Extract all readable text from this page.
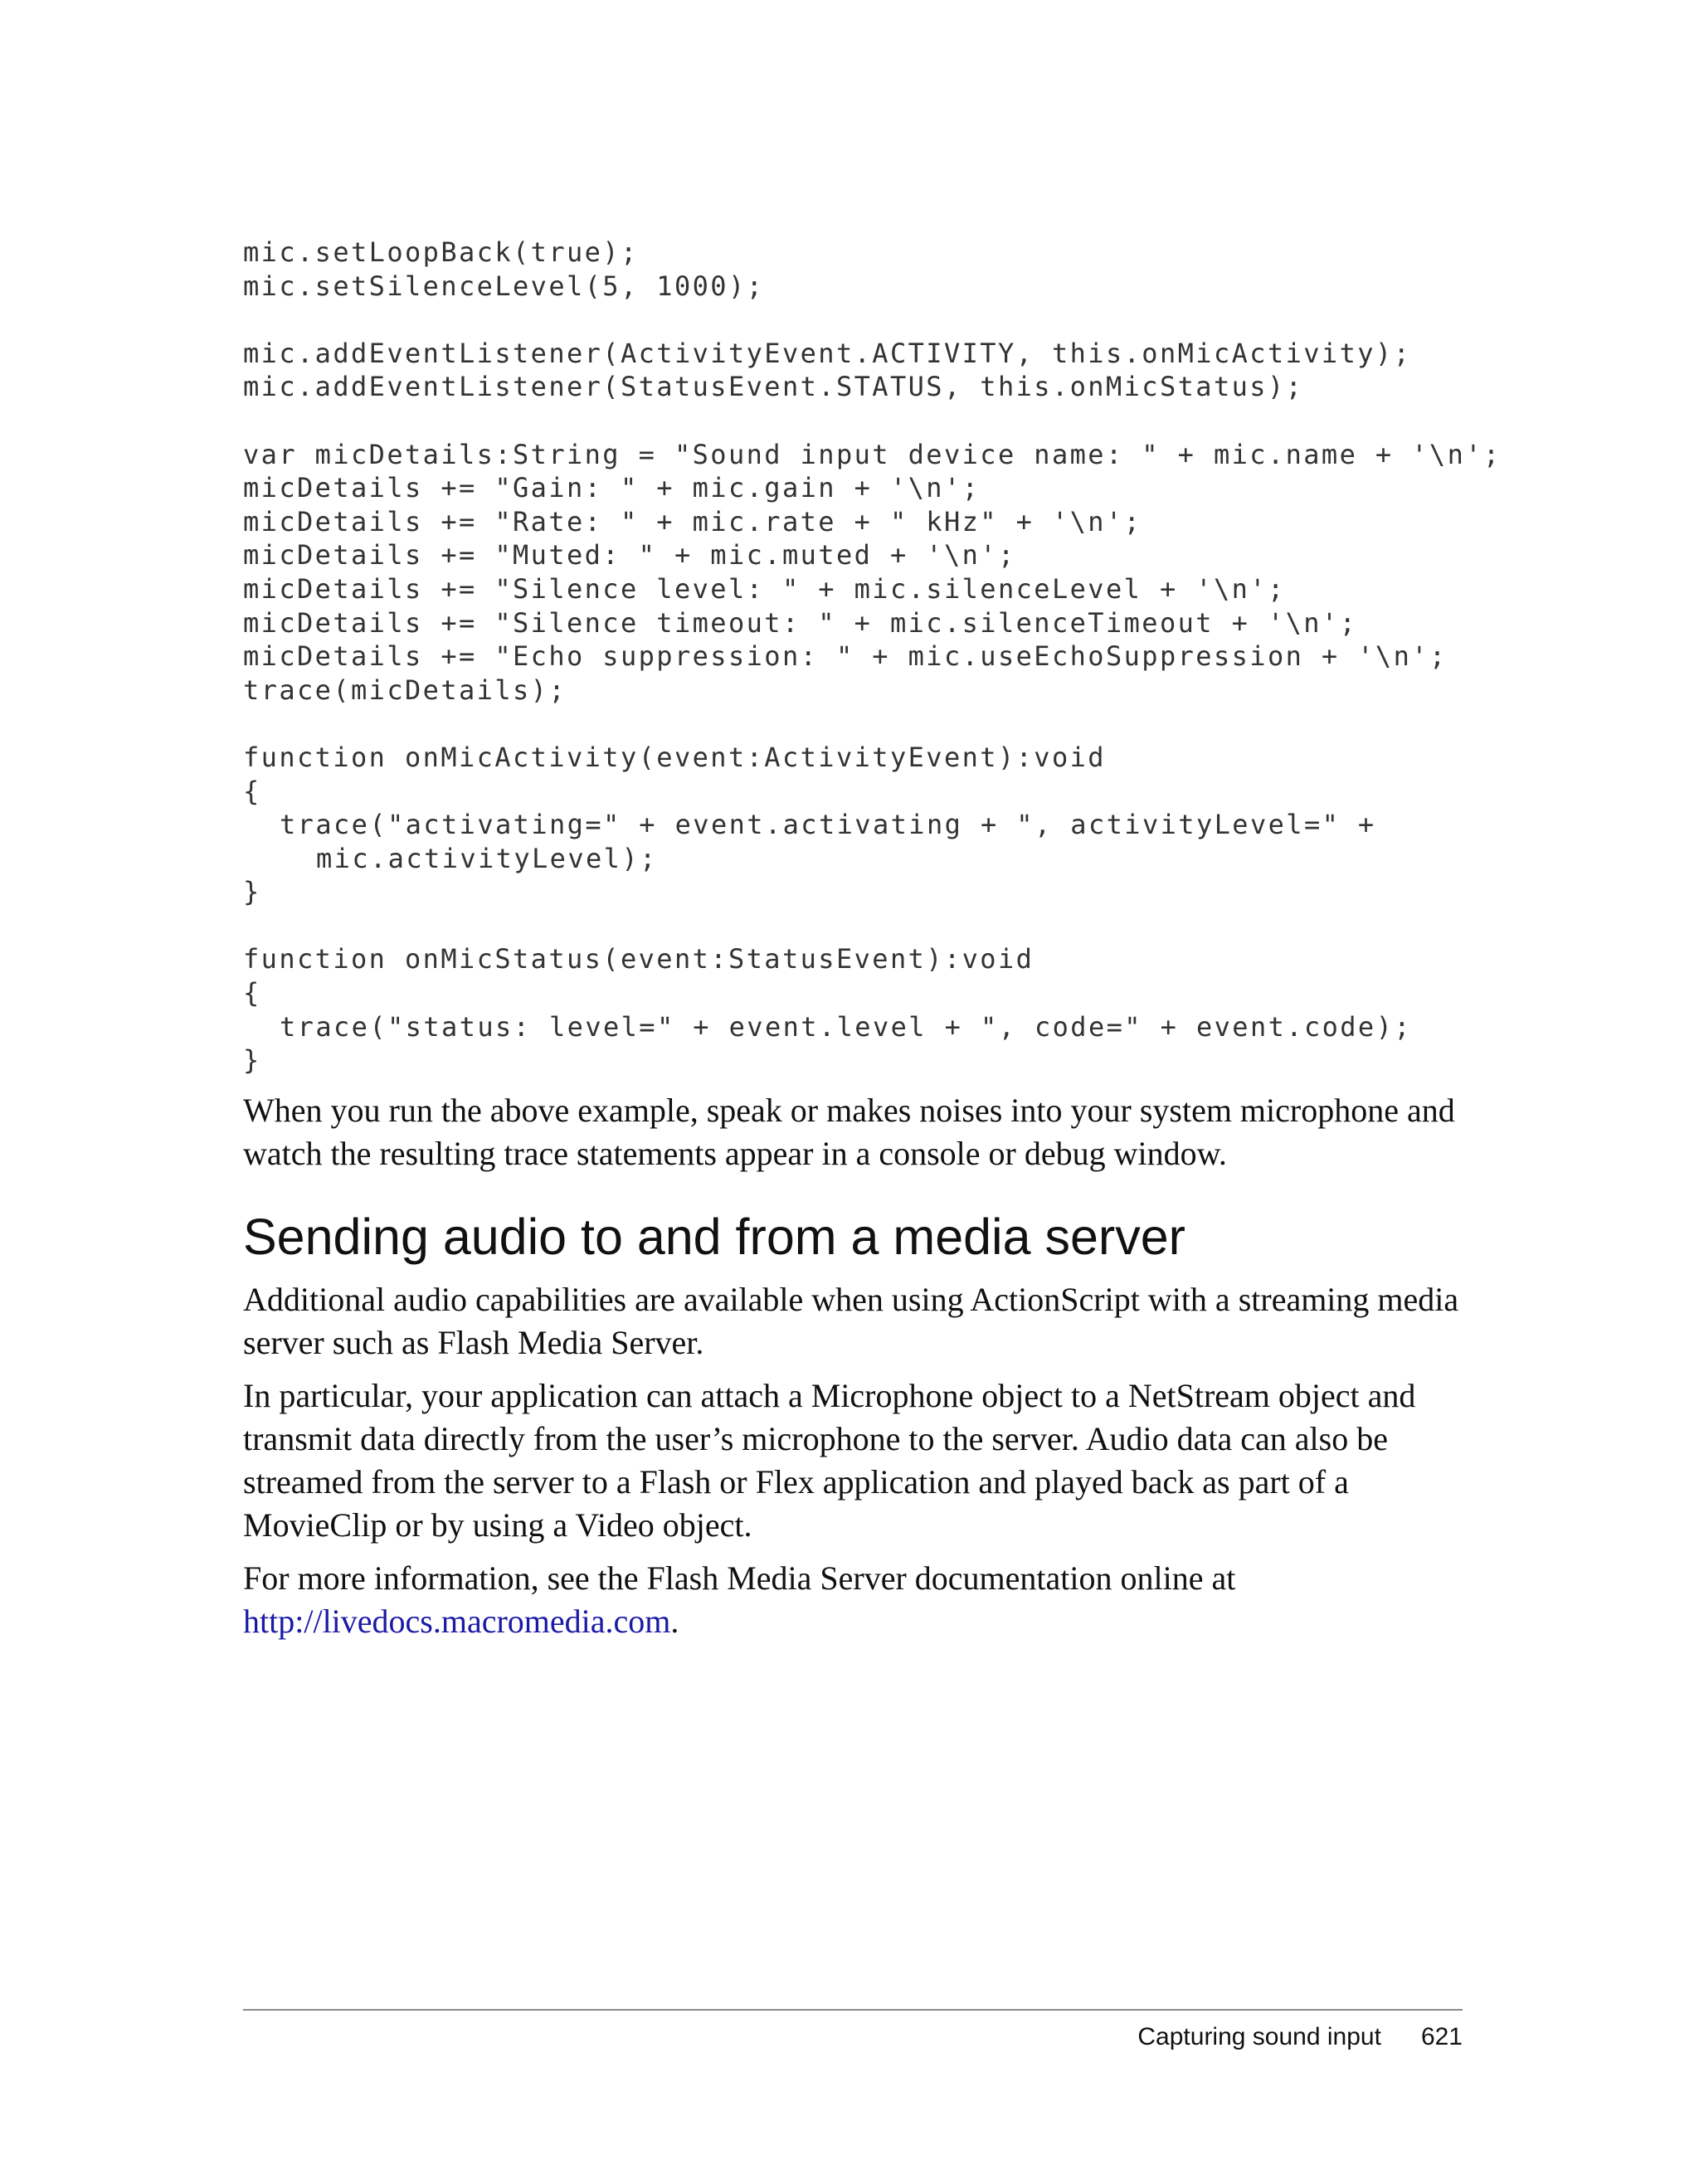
mic.setLoopBack(true);
mic.setSilenceLevel(5, 1000);
mic.addEventListener(ActivityEvent.ACTIVITY, this.onMicActivity);
mic.addEventListener(StatusEvent.STATUS, this.onMicStatus);
var micDetails:String = "Sound input device name: " + mic.name + '\n';
micDetails += "Gain: " + mic.gain + '\n';
micDetails += "Rate: " + mic.rate + " kHz" + '\n';
micDetails += "Muted: " + mic.muted + '\n';
micDetails += "Silence level: " + mic.silenceLevel + '\n';
micDetails += "Silence timeout: " + mic.silenceTimeout + '\n';
micDetails += "Echo suppression: " + mic.useEchoSuppression + '\n';
trace(micDetails);
function onMicActivity(event:ActivityEvent):void
{
trace("activating=" + event.activating + ", activityLevel=" +
mic.activityLevel);
}
function onMicStatus(event:StatusEvent):void
{
trace("status: level=" + event.level + ", code=" + event.code);
}

When you run the above example, speak or makes noises into your system microphone and watch the resulting trace statements appear in a console or debug window.

Sending audio to and from a media server

Additional audio capabilities are available when using ActionScript with a streaming media server such as Flash Media Server.

In particular, your application can attach a Microphone object to a NetStream object and transmit data directly from the user’s microphone to the server. Audio data can also be streamed from the server to a Flash or Flex application and played back as part of a MovieClip or by using a Video object.

For more information, see the Flash Media Server documentation online at http://livedocs.macromedia.com.

Capturing sound input 621
